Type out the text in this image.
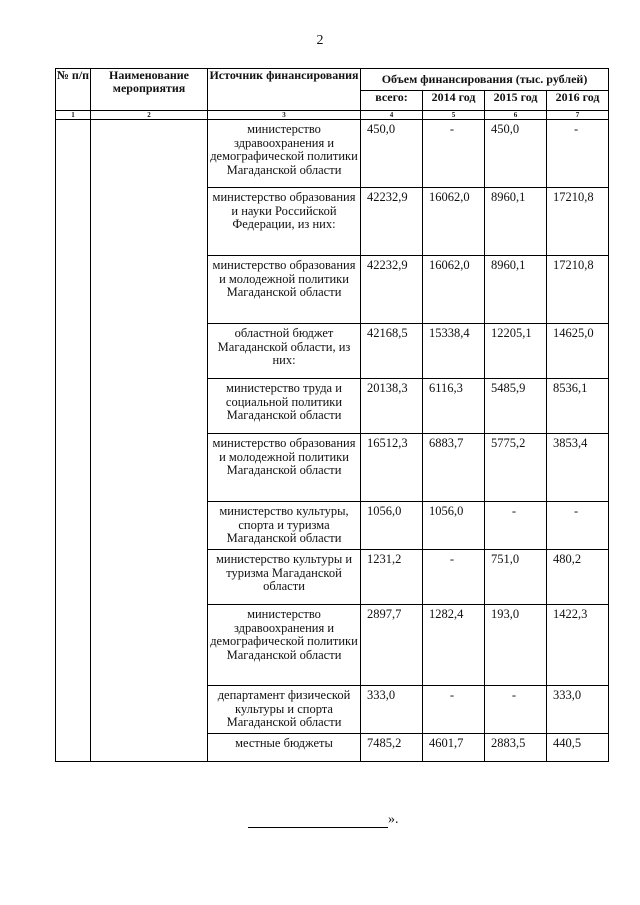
2
№ п/п	Наименование мероприятия	Источник финансирования	Объем финансирования (тыс. рублей)			
			всего:	2014 год	2015 год	2016 год
1	2	3	4	5	6	7
		министерство здравоохранения и демографической политики Магаданской области	450,0	-	450,0	-
		министерство образования и науки Российской Федерации, из них:	42232,9	16062,0	8960,1	17210,8
		министерство образования и молодежной политики Магаданской области	42232,9	16062,0	8960,1	17210,8
		областной бюджет Магаданской области, из них:	42168,5	15338,4	12205,1	14625,0
		министерство труда и социальной политики Магаданской области	20138,3	6116,3	5485,9	8536,1
		министерство образования и молодежной политики Магаданской области	16512,3	6883,7	5775,2	3853,4
		министерство культуры, спорта и туризма Магаданской области	1056,0	1056,0	-	-
		министерство культуры и туризма Магаданской области	1231,2	-	751,0	480,2
		министерство здравоохранения и демографической политики Магаданской области	2897,7	1282,4	193,0	1422,3
		департамент физической культуры и спорта Магаданской области	333,0	-	-	333,0
		местные бюджеты	7485,2	4601,7	2883,5	440,5
».
